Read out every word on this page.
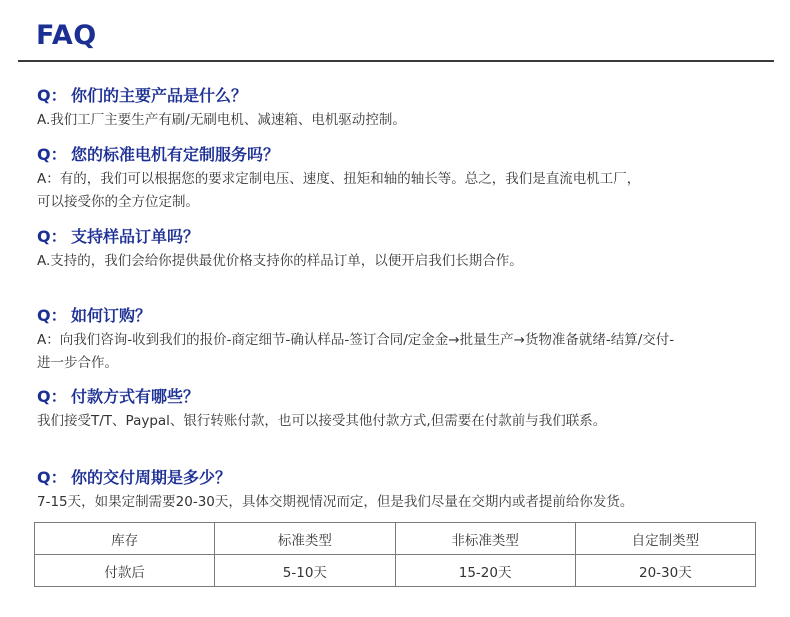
FAQ
Q： 你们的主要产品是什么？
A.我们工厂主要生产有刷/无刷电机、减速箱、电机驱动控制。
Q： 您的标准电机有定制服务吗？
A：有的，我们可以根据您的要求定制电压、速度、扭矩和轴的轴长等。总之，我们是直流电机工厂，
可以接受你的全方位定制。
Q： 支持样品订单吗？
A.支持的，我们会给你提供最优价格支持你的样品订单，以便开启我们长期合作。
Q： 如何订购？
A：向我们咨询-收到我们的报价-商定细节-确认样品-签订合同/定金金→批量生产→货物准备就绪-结算/交付-
进一步合作。
Q： 付款方式有哪些？
我们接受T/T、Paypal、银行转账付款，也可以接受其他付款方式,但需要在付款前与我们联系。
Q： 你的交付周期是多少？
7-15天，如果定制需要20-30天，具体交期视情况而定，但是我们尽量在交期内或者提前给你发货。
库存	标准类型	非标准类型	自定制类型
付款后	5-10天	15-20天	20-30天
